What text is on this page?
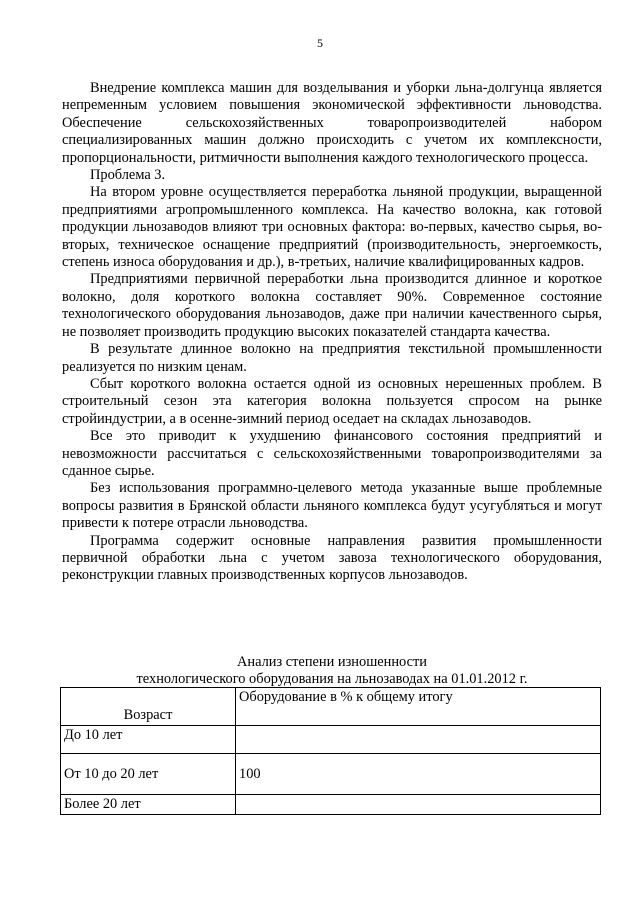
5

Внедрение комплекса машин для возделывания и уборки льна-долгунца является непременным условием повышения экономической эффективности льноводства. Обеспечение сельскохозяйственных товаропроизводителей набором специализированных машин должно происходить с учетом их комплексности, пропорциональности, ритмичности выполнения каждого технологического процесса.

Проблема 3.

На втором уровне осуществляется переработка льняной продукции, выращенной предприятиями агропромышленного комплекса. На качество волокна, как готовой продукции льнозаводов влияют три основных фактора: во-первых, качество сырья, во-вторых, техническое оснащение предприятий (производительность, энергоемкость, степень износа оборудования и др.), в-третьих, наличие квалифицированных кадров.

Предприятиями первичной переработки льна производится длинное и короткое волокно, доля короткого волокна составляет 90%. Современное состояние технологического оборудования льнозаводов, даже при наличии качественного сырья, не позволяет производить продукцию высоких показателей стандарта качества.

В результате длинное волокно на предприятия текстильной промышленности реализуется по низким ценам.

Сбыт короткого волокна остается одной из основных нерешенных проблем. В строительный сезон эта категория волокна пользуется спросом на рынке стройиндустрии, а в осенне-зимний период оседает на складах льнозаводов.

Все это приводит к ухудшению финансового состояния предприятий и невозможности рассчитаться с сельскохозяйственными товаропроизводителями за сданное сырье.

Без использования программно-целевого метода указанные выше проблемные вопросы развития в Брянской области льняного комплекса будут усугубляться и могут привести к потере отрасли льноводства.

Программа содержит основные направления развития промышленности первичной обработки льна с учетом завоза технологического оборудования, реконструкции главных производственных корпусов льнозаводов.

Анализ степени изношенности
технологического оборудования на льнозаводах на 01.01.2012 г.
Возраст	Оборудование в % к общему итогу
До 10 лет	
От 10 до 20 лет	100
Более 20 лет	
